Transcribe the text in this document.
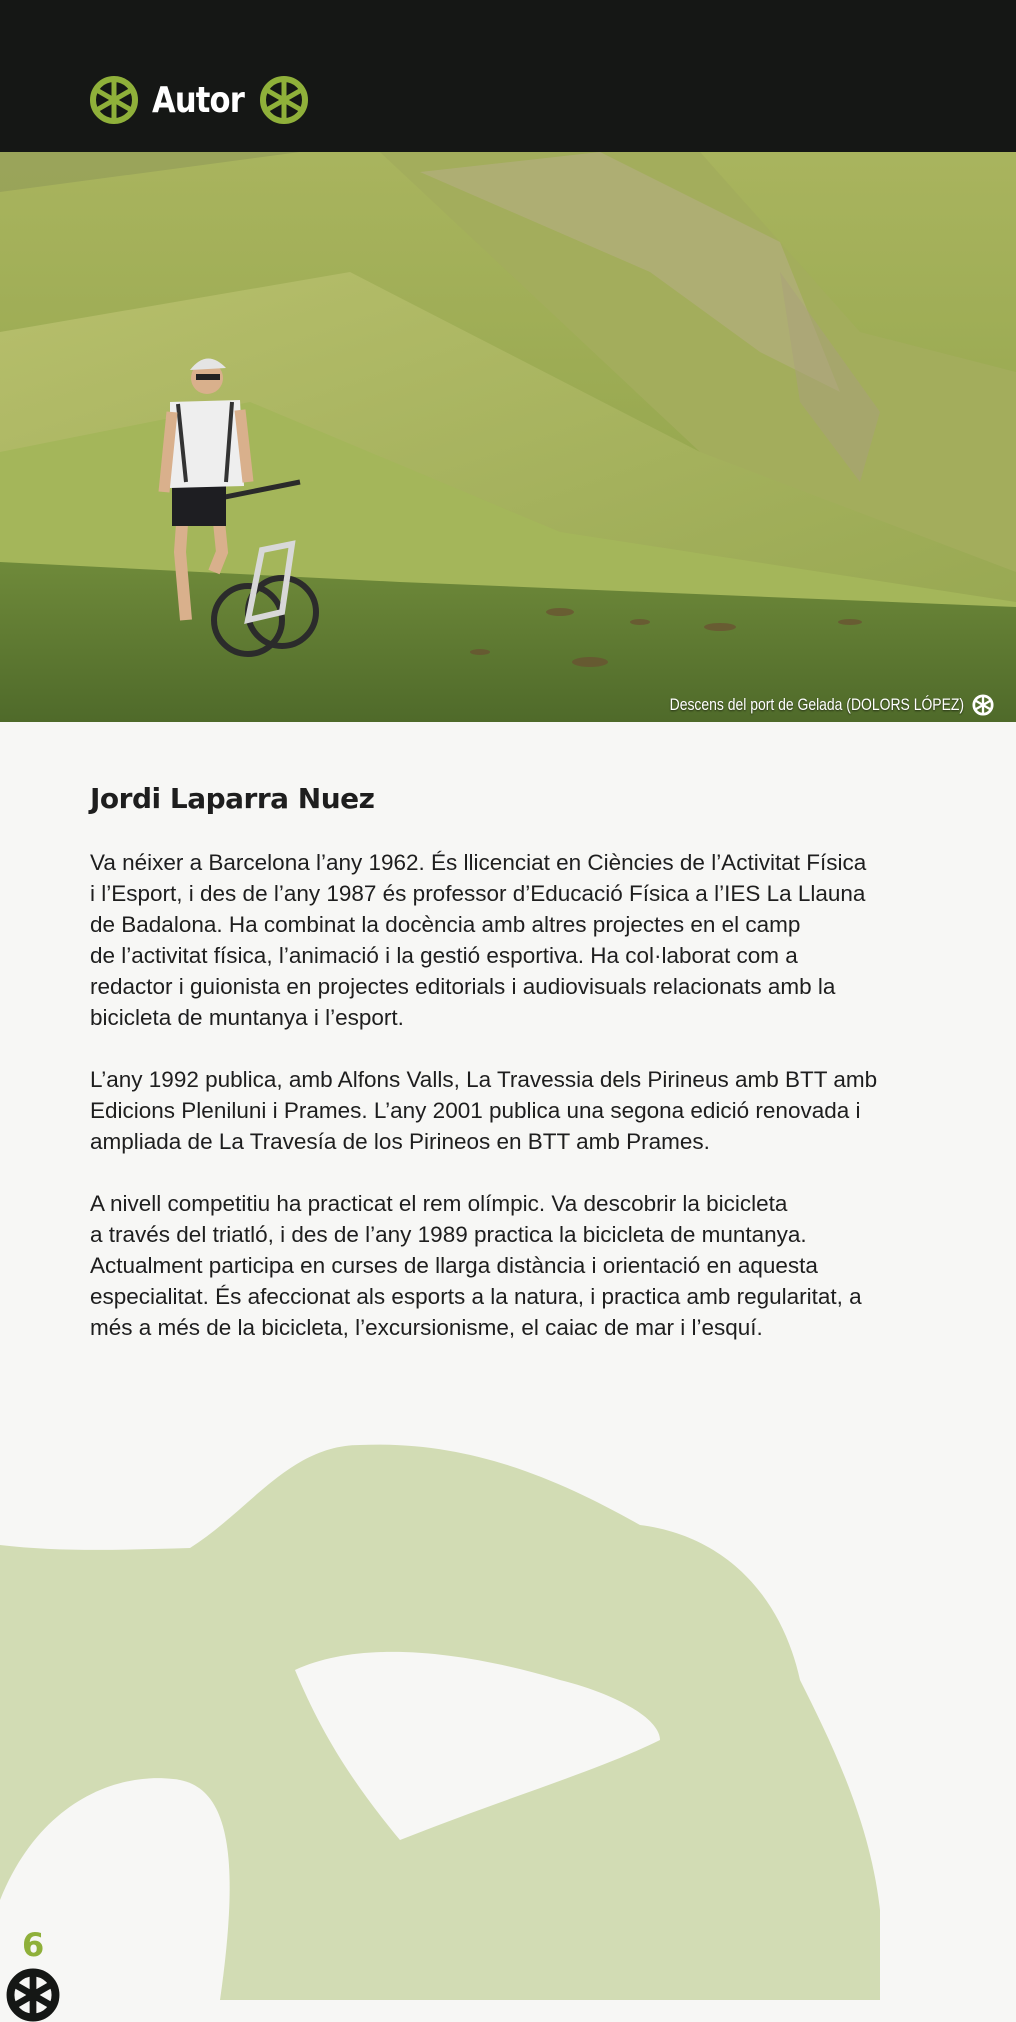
Autor
Descens del port de Gelada (DOLORS LÓPEZ)
Jordi Laparra Nuez

Va néixer a Barcelona l’any 1962. És llicenciat en Ciències de l’Activitat Física
i l’Esport, i des de l’any 1987 és professor d’Educació Física a l’IES La Llauna
de Badalona. Ha combinat la docència amb altres projectes en el camp
de l’activitat física, l’animació i la gestió esportiva. Ha col·laborat com a
redactor i guionista en projectes editorials i audiovisuals relacionats amb la
bicicleta de muntanya i l’esport.

L’any 1992 publica, amb Alfons Valls, La Travessia dels Pirineus amb BTT amb
Edicions Pleniluni i Prames. L’any 2001 publica una segona edició renovada i
ampliada de La Travesía de los Pirineos en BTT amb Prames.

A nivell competitiu ha practicat el rem olímpic. Va descobrir la bicicleta
a través del triatló, i des de l’any 1989 practica la bicicleta de muntanya.
Actualment participa en curses de llarga distància i orientació en aquesta
especialitat. És afeccionat als esports a la natura, i practica amb regularitat, a
més a més de la bicicleta, l’excursionisme, el caiac de mar i l’esquí.

6
